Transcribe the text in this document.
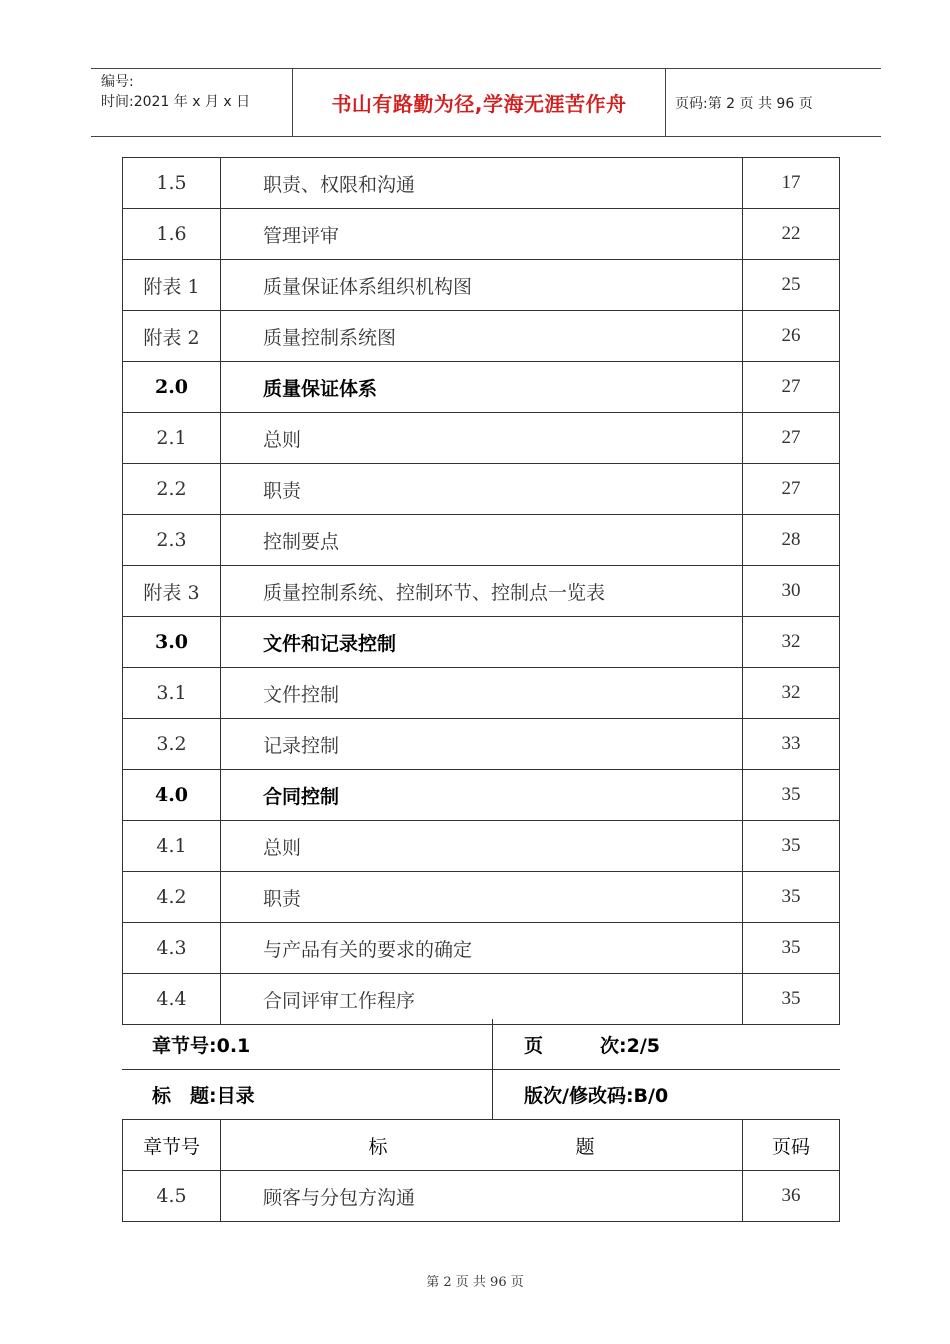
编号:
时间:2021 年 x 月 x 日	书山有路勤为径,学海无涯苦作舟	页码:第 2 页 共 96 页
1.5	职责、权限和沟通	17
1.6	管理评审	22
附表 1	质量保证体系组织机构图	25
附表 2	质量控制系统图	26
2.0	质量保证体系	27
2.1	总则	27
2.2	职责	27
2.3	控制要点	28
附表 3	质量控制系统、控制环节、控制点一览表	30
3.0	文件和记录控制	32
3.1	文件控制	32
3.2	记录控制	33
4.0	合同控制	35
4.1	总则	35
4.2	职责	35
4.3	与产品有关的要求的确定	35
4.4	合同评审工作程序	35
章节号:0.1	页　　　次:2/5
标　题:目录	版次/修改码:B/0
章节号	标 题	页码
4.5	顾客与分包方沟通	36
第 2 页 共 96 页
